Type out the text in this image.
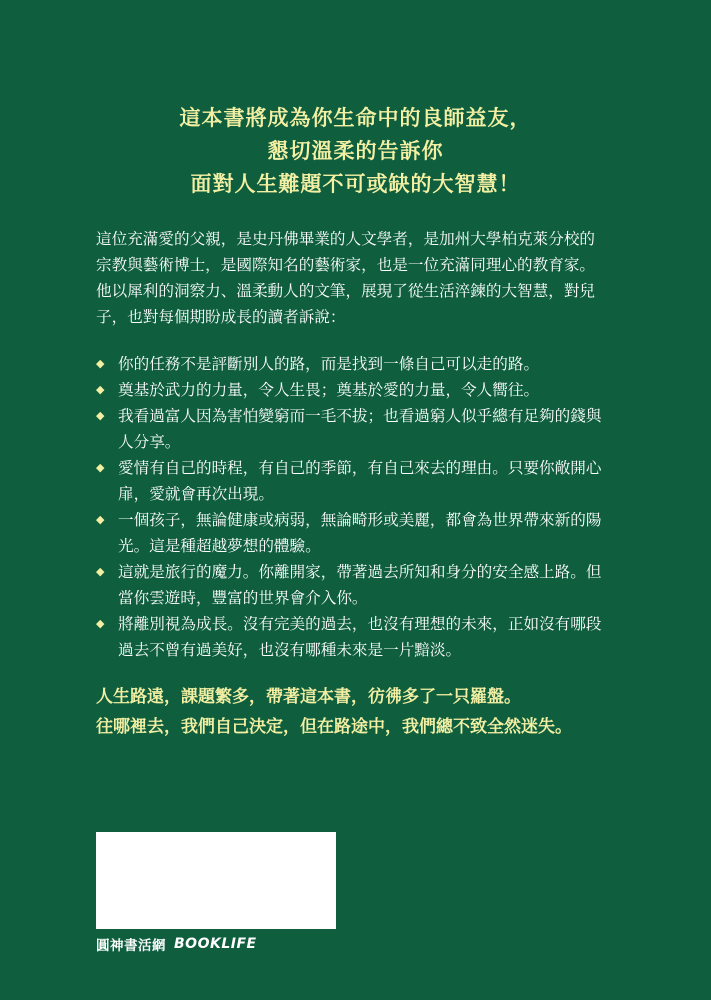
這本書將成為你生命中的良師益友，
懇切溫柔的告訴你
面對人生難題不可或缺的大智慧！
這位充滿愛的父親，是史丹佛畢業的人文學者，是加州大學柏克萊分校的
宗教與藝術博士，是國際知名的藝術家，也是一位充滿同理心的教育家。
他以犀利的洞察力、溫柔動人的文筆，展現了從生活淬鍊的大智慧，對兒
子，也對每個期盼成長的讀者訴說：
◆ 你的任務不是評斷別人的路，而是找到一條自己可以走的路。
◆ 奠基於武力的力量，令人生畏；奠基於愛的力量，令人嚮往。
◆ 我看過富人因為害怕變窮而一毛不拔；也看過窮人似乎總有足夠的錢與
人分享。
◆ 愛情有自己的時程，有自己的季節，有自己來去的理由。只要你敞開心
扉，愛就會再次出現。
◆ 一個孩子，無論健康或病弱，無論畸形或美麗，都會為世界帶來新的陽
光。這是種超越夢想的體驗。
◆ 這就是旅行的魔力。你離開家，帶著過去所知和身分的安全感上路。但
當你雲遊時，豐富的世界會介入你。
◆ 將離別視為成長。沒有完美的過去，也沒有理想的未來，正如沒有哪段
過去不曾有過美好，也沒有哪種未來是一片黯淡。
人生路遠，課題繁多，帶著這本書，彷彿多了一只羅盤。
往哪裡去，我們自己決定，但在路途中，我們總不致全然迷失。
圓神書活網 BOOKLIFE
